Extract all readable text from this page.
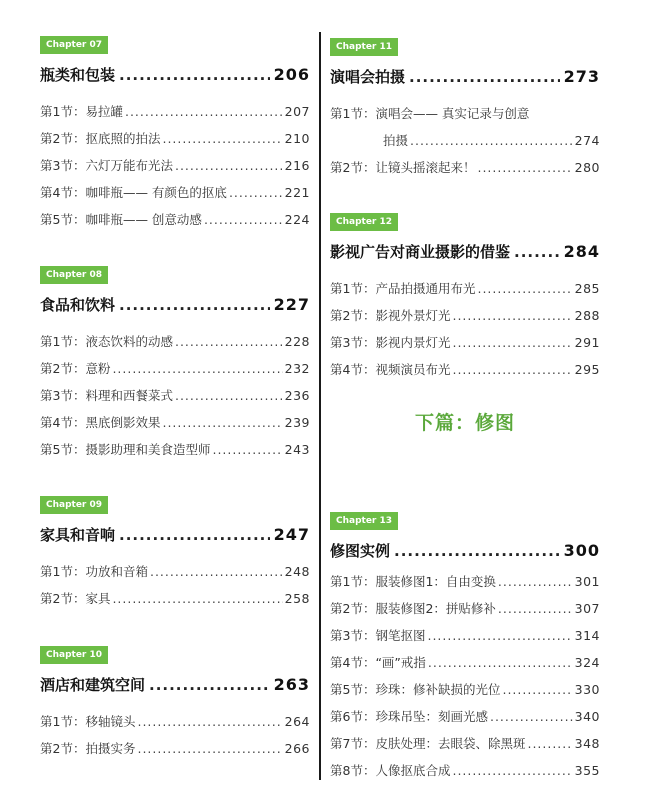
Chapter 07
瓶类和包装 .....	206
第1节：易拉罐 .....	207
第2节：抠底照的拍法 .....	210
第3节：六灯万能布光法 .....	216
第4节：咖啡瓶—— 有颜色的抠底 .....	221
第5节：咖啡瓶—— 创意动感 .....	224
Chapter 08
食品和饮料 .....	227
第1节：液态饮料的动感 .....	228
第2节：意粉 .....	232
第3节：料理和西餐菜式 .....	236
第4节：黑底倒影效果 .....	239
第5节：摄影助理和美食造型师 .....	243
Chapter 09
家具和音响 .....	247
第1节：功放和音箱 .....	248
第2节：家具 .....	258
Chapter 10
酒店和建筑空间 .....	263
第1节：移轴镜头 .....	264
第2节：拍摄实务 .....	266
Chapter 11
演唱会拍摄 .....	273
第1节：演唱会—— 真实记录与创意
拍摄 .....	274
第2节：让镜头摇滚起来！ .....	280
Chapter 12
影视广告对商业摄影的借鉴 .....	284
第1节：产品拍摄通用布光 .....	285
第2节：影视外景灯光 .....	288
第3节：影视内景灯光 .....	291
第4节：视频演员布光 .....	295
下篇：修图
Chapter 13
修图实例 .....	300
第1节：服装修图1：自由变换 .....	301
第2节：服装修图2：拼贴修补 .....	307
第3节：钢笔抠图 .....	314
第4节：“画”戒指 .....	324
第5节：珍珠：修补缺损的光位 .....	330
第6节：珍珠吊坠：刻画光感 .....	340
第7节：皮肤处理：去眼袋、除黑斑 .....	348
第8节：人像抠底合成 .....	355
